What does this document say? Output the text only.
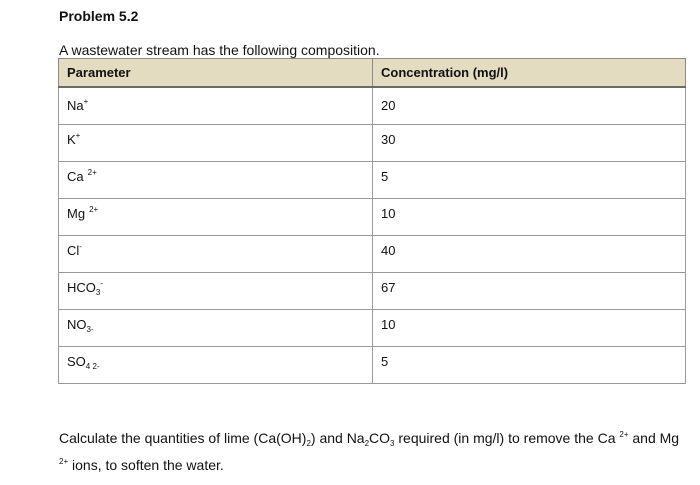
Problem 5.2
A wastewater stream has the following composition.
Parameter	Concentration (mg/l)
Na+	20
K+	30
Ca $^{2+}$	5
Mg $^{2+}$	10
Cl-	40
$HCO_3^-$	67
$NO_{3-}$	10
$SO_{4 2-}$	5
Calculate the quantities of lime $(Ca(OH)_2)$ and $Na_2CO_3$ required (in mg/l) to remove the Ca $^{2+}$ and Mg $^{2+}$ ions, to soften the water.
